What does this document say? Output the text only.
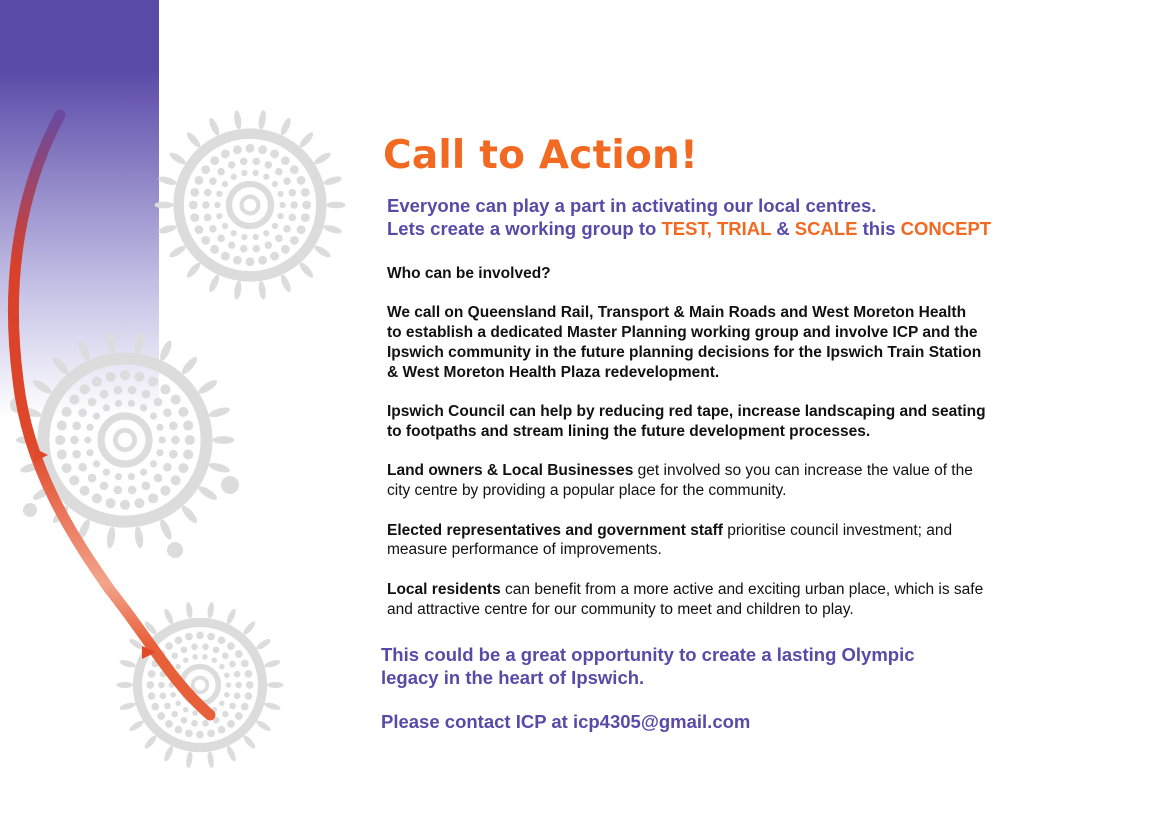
Call to Action!
Everyone can play a part in activating our local centres.
Lets create a working group to TEST, TRIAL & SCALE this CONCEPT
Who can be involved?
We call on Queensland Rail, Transport & Main Roads and West Moreton Health
to establish a dedicated Master Planning working group and involve ICP and the
Ipswich community in the future planning decisions for the Ipswich Train Station
& West Moreton Health Plaza redevelopment.
Ipswich Council can help by reducing red tape, increase landscaping and seating
to footpaths and stream lining the future development processes.
Land owners & Local Businesses get involved so you can increase the value of the
city centre by providing a popular place for the community.
Elected representatives and government staff prioritise council investment; and
measure performance of improvements.
Local residents can benefit from a more active and exciting urban place, which is safe
and attractive centre for our community to meet and children to play.
This could be a great opportunity to create a lasting Olympic
legacy in the heart of Ipswich.
Please contact ICP at icp4305@gmail.com
